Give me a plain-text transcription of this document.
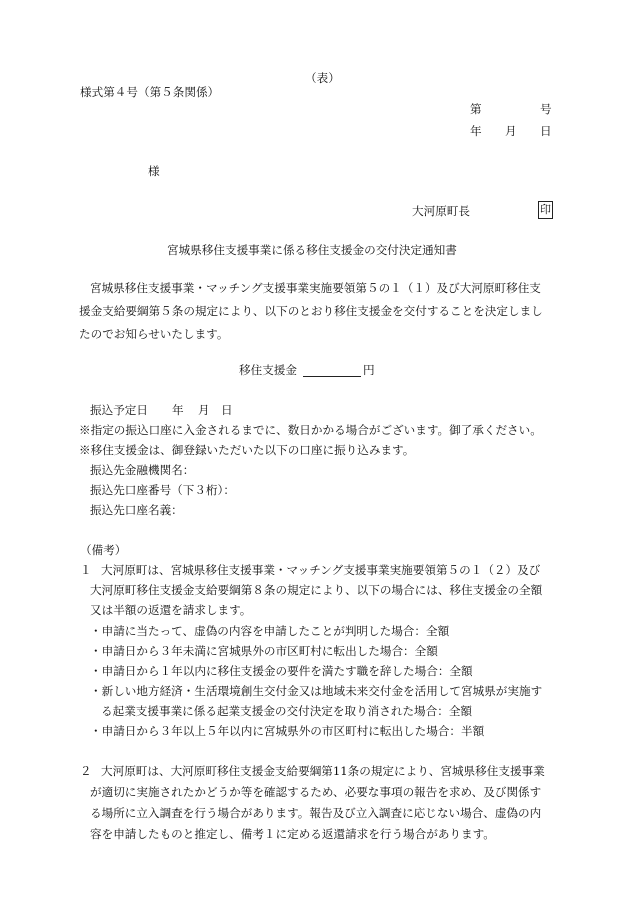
（表）
様式第４号（第５条関係）
第	号
年 月 日
様
大河原町長	印
宮城県移住支援事業に係る移住支援金の交付決定通知書
宮城県移住支援事業・マッチング支援事業実施要領第５の１（１）及び大河原町移住支
援金支給要綱第５条の規定により、以下のとおり移住支援金を交付することを決定しまし
たのでお知らせいたします。
移住支援金	円
振込予定日 年 月 日
※指定の振込口座に入金されるまでに、数日かかる場合がございます。御了承ください。
※移住支援金は、御登録いただいた以下の口座に振り込みます。
振込先金融機関名：
振込先口座番号（下３桁）：
振込先口座名義：
（備考）
１ 大河原町は、宮城県移住支援事業・マッチング支援事業実施要領第５の１（２）及び
大河原町移住支援金支給要綱第８条の規定により、以下の場合には、移住支援金の全額
又は半額の返還を請求します。
・申請に当たって、虚偽の内容を申請したことが判明した場合：全額
・申請日から３年未満に宮城県外の市区町村に転出した場合：全額
・申請日から１年以内に移住支援金の要件を満たす職を辞した場合：全額
・新しい地方経済・生活環境創生交付金又は地域未来交付金を活用して宮城県が実施す
る起業支援事業に係る起業支援金の交付決定を取り消された場合：全額
・申請日から３年以上５年以内に宮城県外の市区町村に転出した場合：半額
２ 大河原町は、大河原町移住支援金支給要綱第11条の規定により、宮城県移住支援事業
が適切に実施されたかどうか等を確認するため、必要な事項の報告を求め、及び関係す
る場所に立入調査を行う場合があります。報告及び立入調査に応じない場合、虚偽の内
容を申請したものと推定し、備考１に定める返還請求を行う場合があります。
